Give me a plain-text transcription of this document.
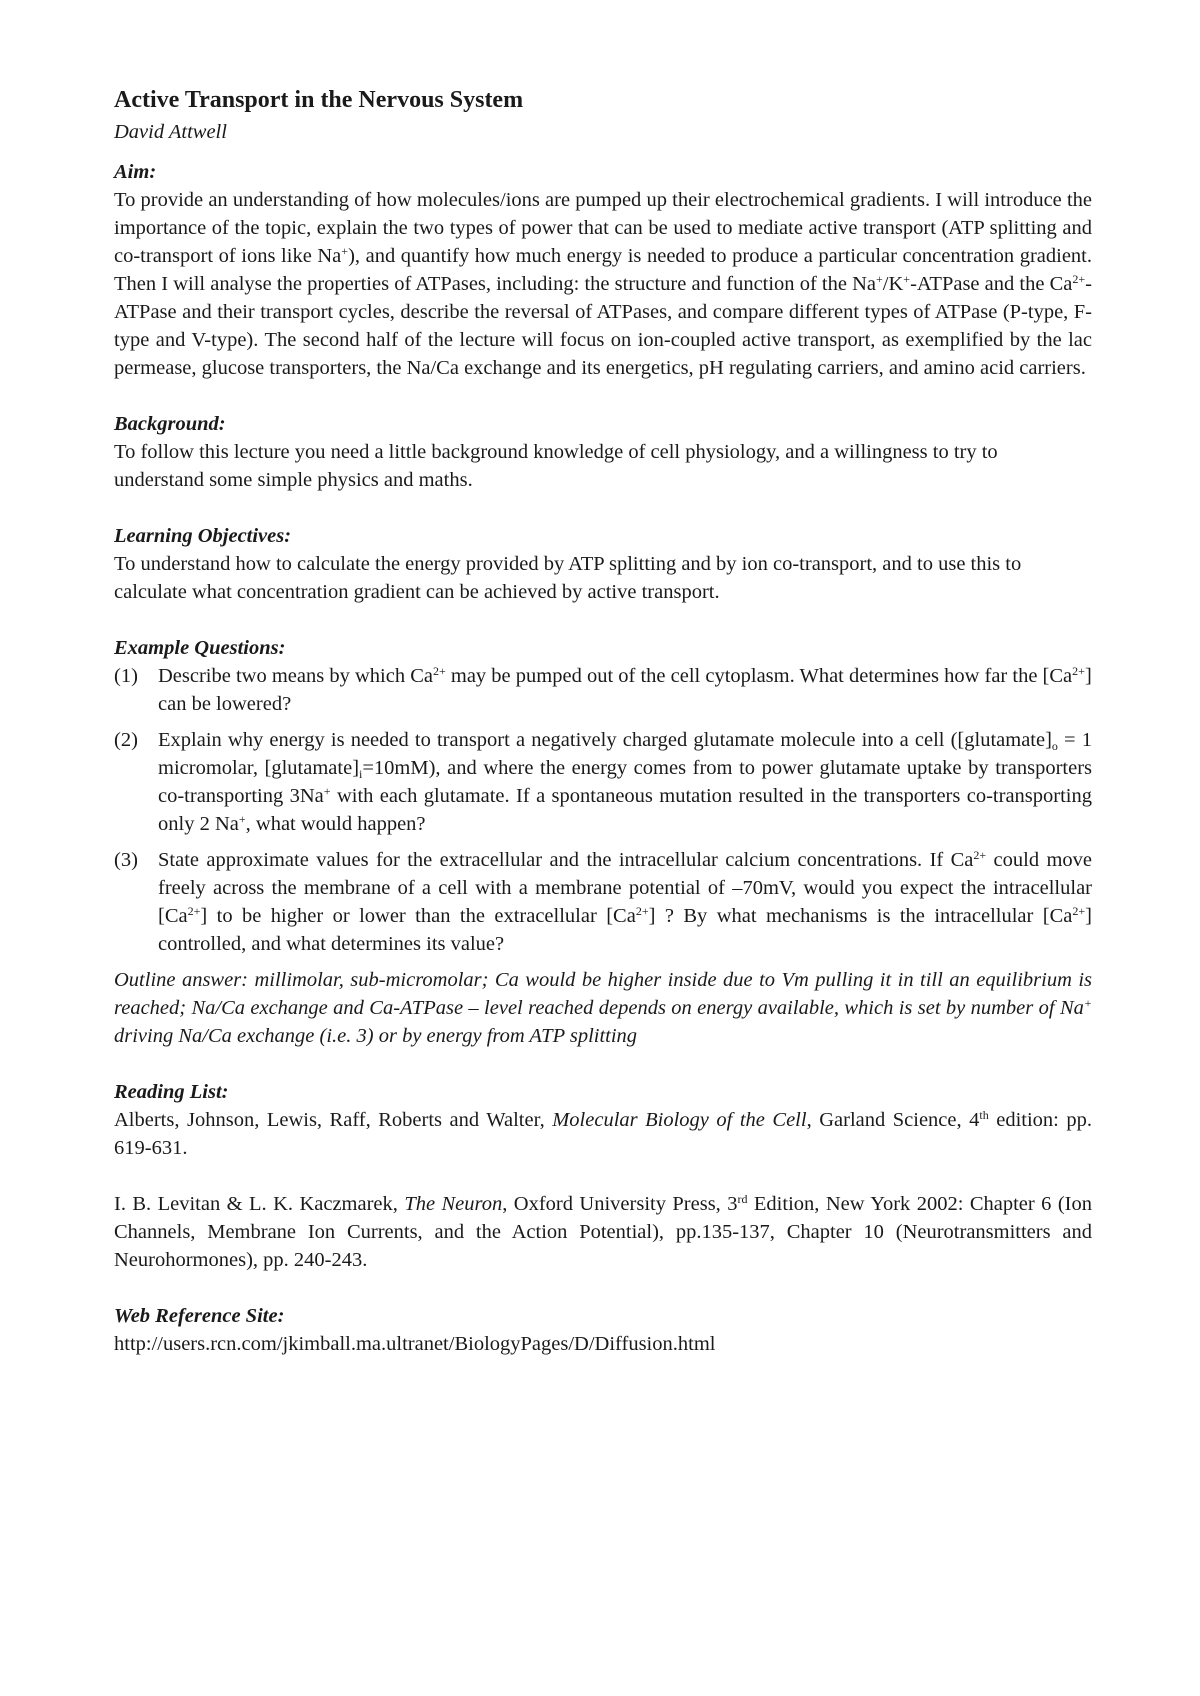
Active Transport in the Nervous System

David Attwell

Aim:

To provide an understanding of how molecules/ions are pumped up their electrochemical gradients. I will introduce the importance of the topic, explain the two types of power that can be used to mediate active transport (ATP splitting and co-transport of ions like Na+), and quantify how much energy is needed to produce a particular concentration gradient. Then I will analyse the properties of ATPases, including: the structure and function of the Na+/K+-ATPase and the $Ca^{2+}$-ATPase and their transport cycles, describe the reversal of ATPases, and compare different types of ATPase (P-type, F-type and V-type). The second half of the lecture will focus on ion-coupled active transport, as exemplified by the lac permease, glucose transporters, the Na/Ca exchange and its energetics, pH regulating carriers, and amino acid carriers.

Background:

To follow this lecture you need a little background knowledge of cell physiology, and a willingness to try to understand some simple physics and maths.

Learning Objectives:

To understand how to calculate the energy provided by ATP splitting and by ion co-transport, and to use this to calculate what concentration gradient can be achieved by active transport.

Example Questions:

(1) Describe two means by which $Ca^{2+}$ may be pumped out of the cell cytoplasm. What determines how far the $[Ca^{2+}]$ can be lowered?
(2) Explain why energy is needed to transport a negatively charged glutamate molecule into a cell ($[glutamate]_o = 1$ micromolar, $[glutamate]_i=10mM$), and where the energy comes from to power glutamate uptake by transporters co-transporting 3Na+ with each glutamate. If a spontaneous mutation resulted in the transporters co-transporting only 2 Na+, what would happen?
(3) State approximate values for the extracellular and the intracellular calcium concentrations. If $Ca^{2+}$ could move freely across the membrane of a cell with a membrane potential of –70mV, would you expect the intracellular $[Ca^{2+}]$ to be higher or lower than the extracellular $[Ca^{2+}]$ ? By what mechanisms is the intracellular $[Ca^{2+}]$ controlled, and what determines its value?

Outline answer: millimolar, sub-micromolar; Ca would be higher inside due to Vm pulling it in till an equilibrium is reached; Na/Ca exchange and Ca-ATPase – level reached depends on energy available, which is set by number of Na+ driving Na/Ca exchange (i.e. 3) or by energy from ATP splitting

Reading List:

Alberts, Johnson, Lewis, Raff, Roberts and Walter, Molecular Biology of the Cell, Garland Science, 4th edition: pp. 619-631.

I. B. Levitan & L. K. Kaczmarek, The Neuron, Oxford University Press, 3rd Edition, New York 2002: Chapter 6 (Ion Channels, Membrane Ion Currents, and the Action Potential), pp.135-137, Chapter 10 (Neurotransmitters and Neurohormones), pp. 240-243.

Web Reference Site:

http://users.rcn.com/jkimball.ma.ultranet/BiologyPages/D/Diffusion.html
